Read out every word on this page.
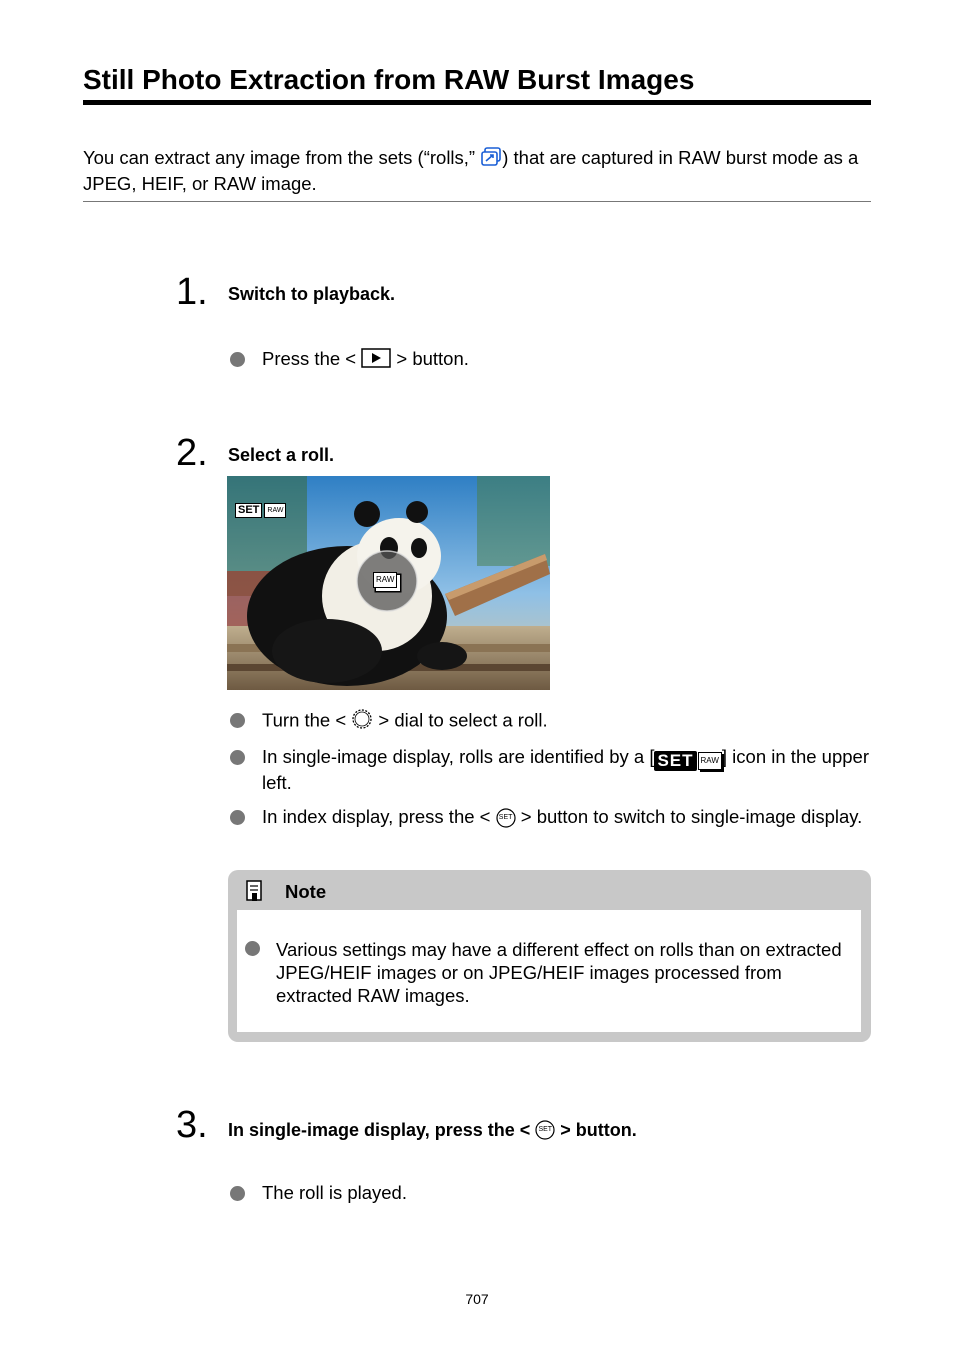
Still Photo Extraction from RAW Burst Images
You can extract any image from the sets (“rolls,” ) that are captured in RAW burst mode as a JPEG, HEIF, or RAW image.
1. Switch to playback.
Press the <  > button.
2. Select a roll.
SET	RAW
RAW
Turn the <  > dial to select a roll.
In single-image display, rolls are identified by a [ SET RAW ] icon in the upper left.
In index display, press the < SET > button to switch to single-image display.
Note
Various settings may have a different effect on rolls than on extracted JPEG/HEIF images or on JPEG/HEIF images processed from extracted RAW images.
3. In single-image display, press the < SET > button.
The roll is played.
707
